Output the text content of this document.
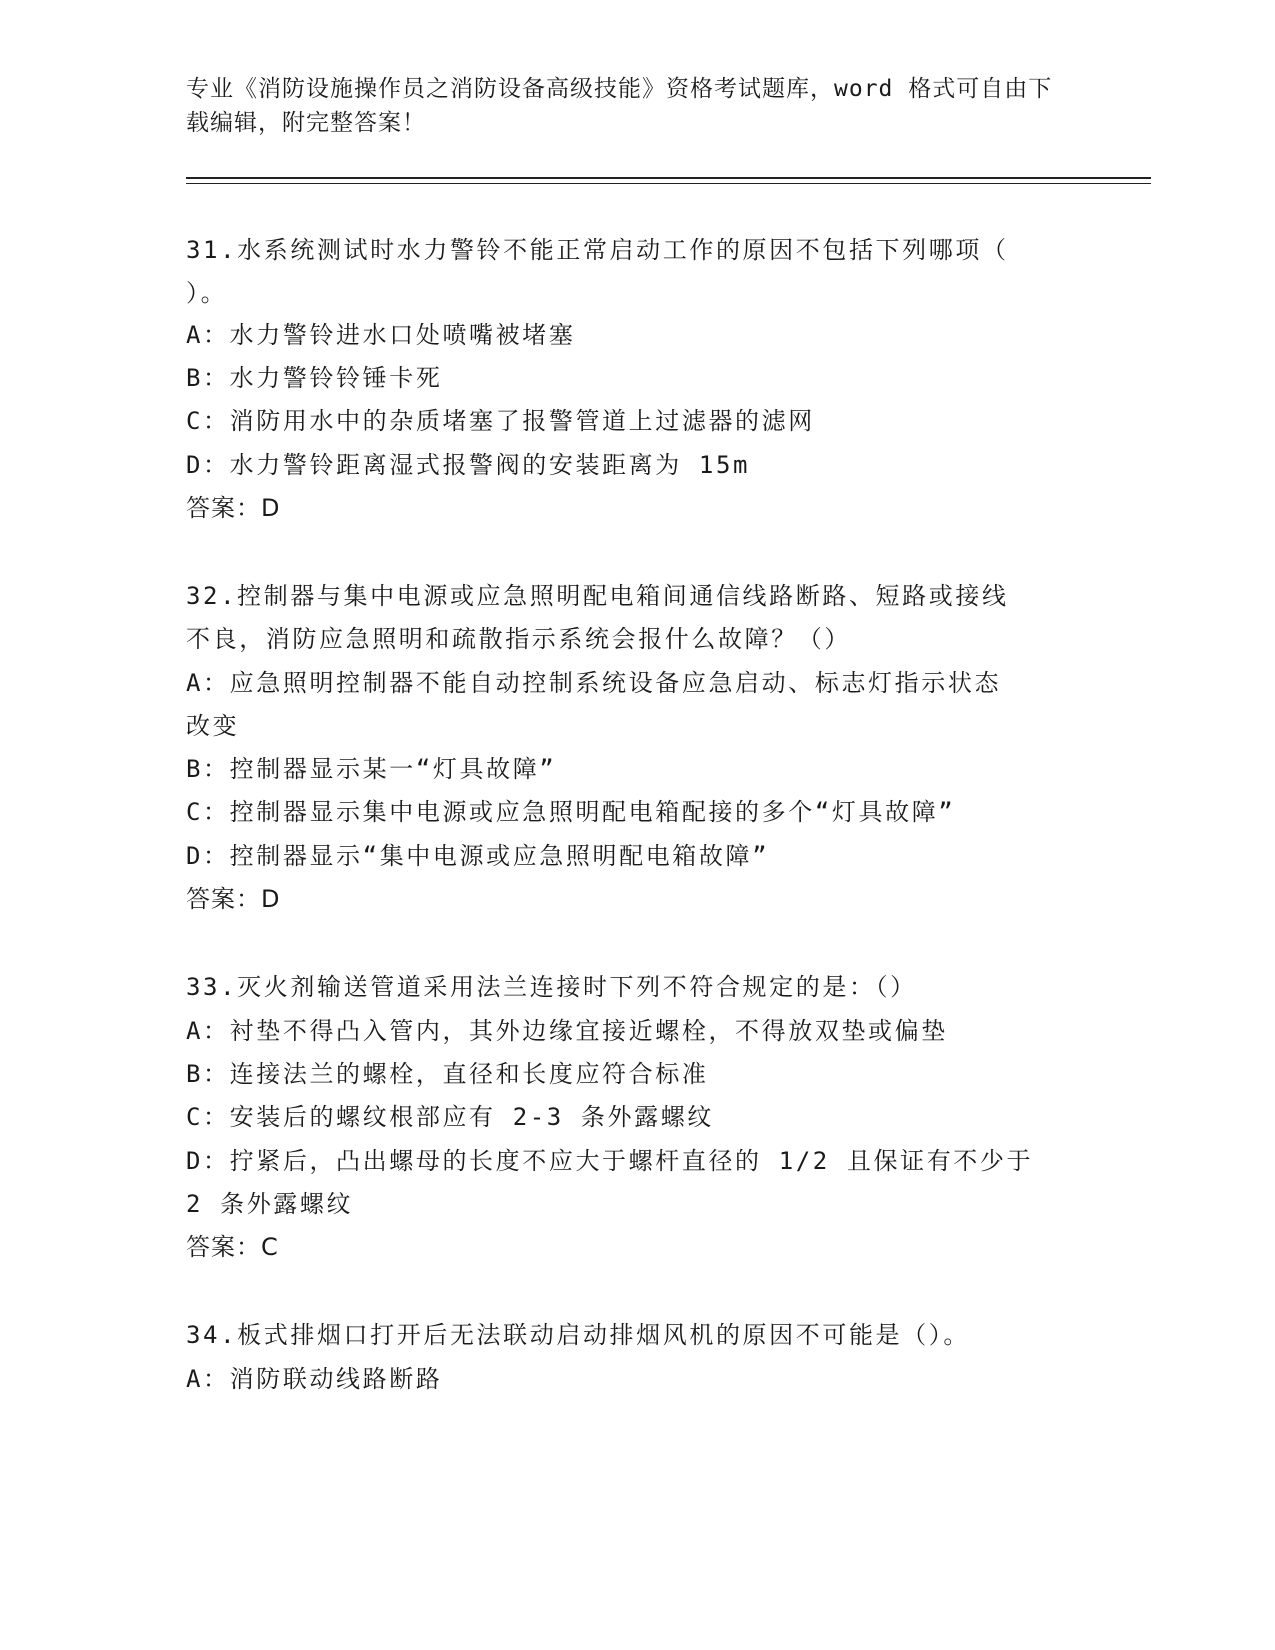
专业《消防设施操作员之消防设备高级技能》资格考试题库，word 格式可自由下
载编辑，附完整答案！
31.水系统测试时水力警铃不能正常启动工作的原因不包括下列哪项（
）。
A：水力警铃进水口处喷嘴被堵塞
B：水力警铃铃锤卡死
C：消防用水中的杂质堵塞了报警管道上过滤器的滤网
D：水力警铃距离湿式报警阀的安装距离为 15m
答案：D
32.控制器与集中电源或应急照明配电箱间通信线路断路、短路或接线
不良，消防应急照明和疏散指示系统会报什么故障？（）
A：应急照明控制器不能自动控制系统设备应急启动、标志灯指示状态
改变
B：控制器显示某一“灯具故障”
C：控制器显示集中电源或应急照明配电箱配接的多个“灯具故障”
D：控制器显示“集中电源或应急照明配电箱故障”
答案：D
33.灭火剂输送管道采用法兰连接时下列不符合规定的是：（）
A：衬垫不得凸入管内，其外边缘宜接近螺栓，不得放双垫或偏垫
B：连接法兰的螺栓，直径和长度应符合标准
C：安装后的螺纹根部应有 2-3 条外露螺纹
D：拧紧后，凸出螺母的长度不应大于螺杆直径的 1/2 且保证有不少于
2 条外露螺纹
答案：C
34.板式排烟口打开后无法联动启动排烟风机的原因不可能是（）。
A：消防联动线路断路
